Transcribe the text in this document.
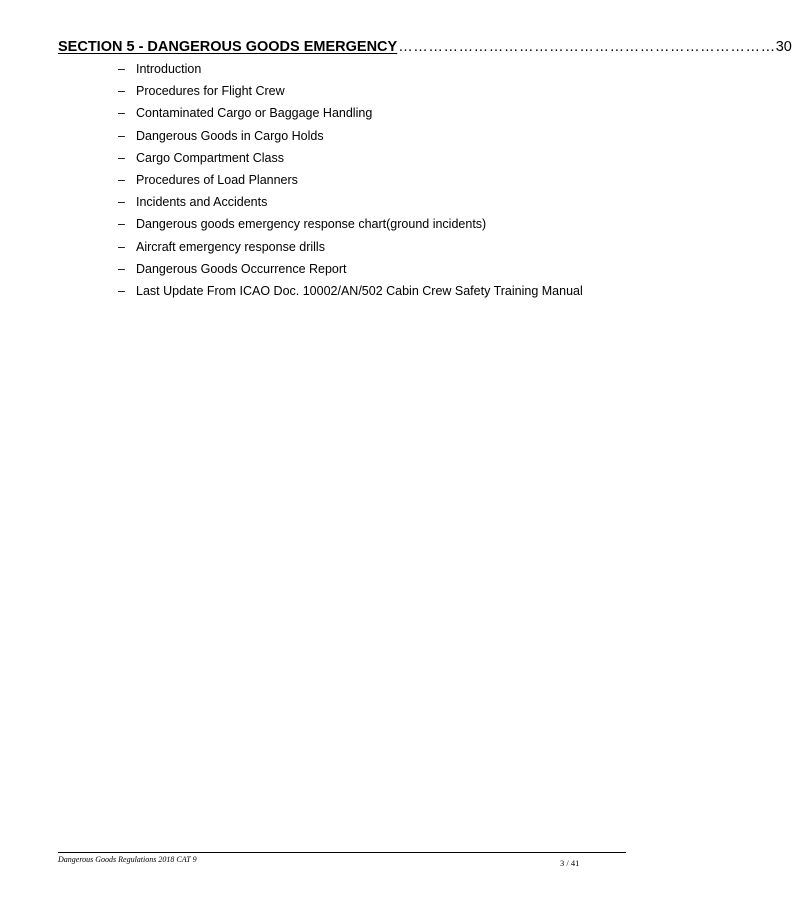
SECTION 5 - DANGEROUS GOODS EMERGENCY ………………………………………………………………… 30
– Introduction
– Procedures for Flight Crew
– Contaminated Cargo or Baggage Handling
– Dangerous Goods in Cargo Holds
– Cargo Compartment Class
– Procedures of Load Planners
– Incidents and Accidents
– Dangerous goods emergency response chart(ground incidents)
– Aircraft emergency response drills
– Dangerous Goods Occurrence Report
– Last Update From ICAO Doc. 10002/AN/502 Cabin Crew Safety Training Manual
Dangerous Goods Regulations 2018 CAT 9	3 / 41
